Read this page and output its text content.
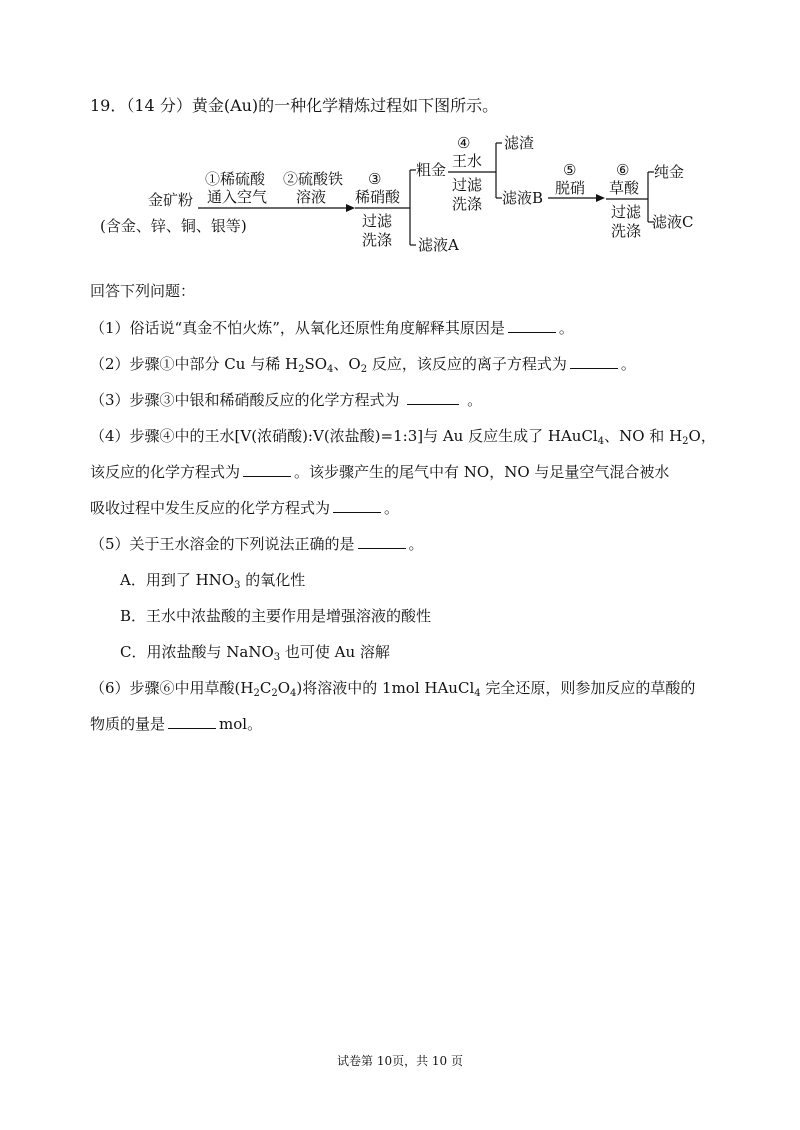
19．（14 分）黄金(Au)的一种化学精炼过程如下图所示。
金矿粉
(含金、锌、铜、银等)
①稀硫酸
通入空气
②硫酸铁
溶液
③
稀硝酸
过滤
洗涤 滤液A
粗金
④
王水
过滤
洗涤
滤渣
滤液B
⑤
脱硝
⑥
草酸
过滤
洗涤
纯金
滤液C
回答下列问题：
（1）俗话说“真金不怕火炼”，从氧化还原性角度解释其原因是	。
（2）步骤①中部分 Cu 与稀 $H_2SO_4$、$O_2$ 反应，该反应的离子方程式为	。
（3）步骤③中银和稀硝酸反应的化学方程式为	。
（4）步骤④中的王水[V(浓硝酸):V(浓盐酸)=1:3]与 Au 反应生成了 HAuCl$_4$、NO 和 $H_2O$，
该反应的化学方程式为	。该步骤产生的尾气中有 NO，NO 与足量空气混合被水
吸收过程中发生反应的化学方程式为	。
（5）关于王水溶金的下列说法正确的是	。
A．用到了 $HNO_3$ 的氧化性
B．王水中浓盐酸的主要作用是增强溶液的酸性
C．用浓盐酸与 NaNO$_3$ 也可使 Au 溶解
（6）步骤⑥中用草酸$(H_2C_2O_4)$将溶液中的 1mol HAuCl$_4$ 完全还原，则参加反应的草酸的
物质的量是	mol。
试卷第 10页，共 10 页
